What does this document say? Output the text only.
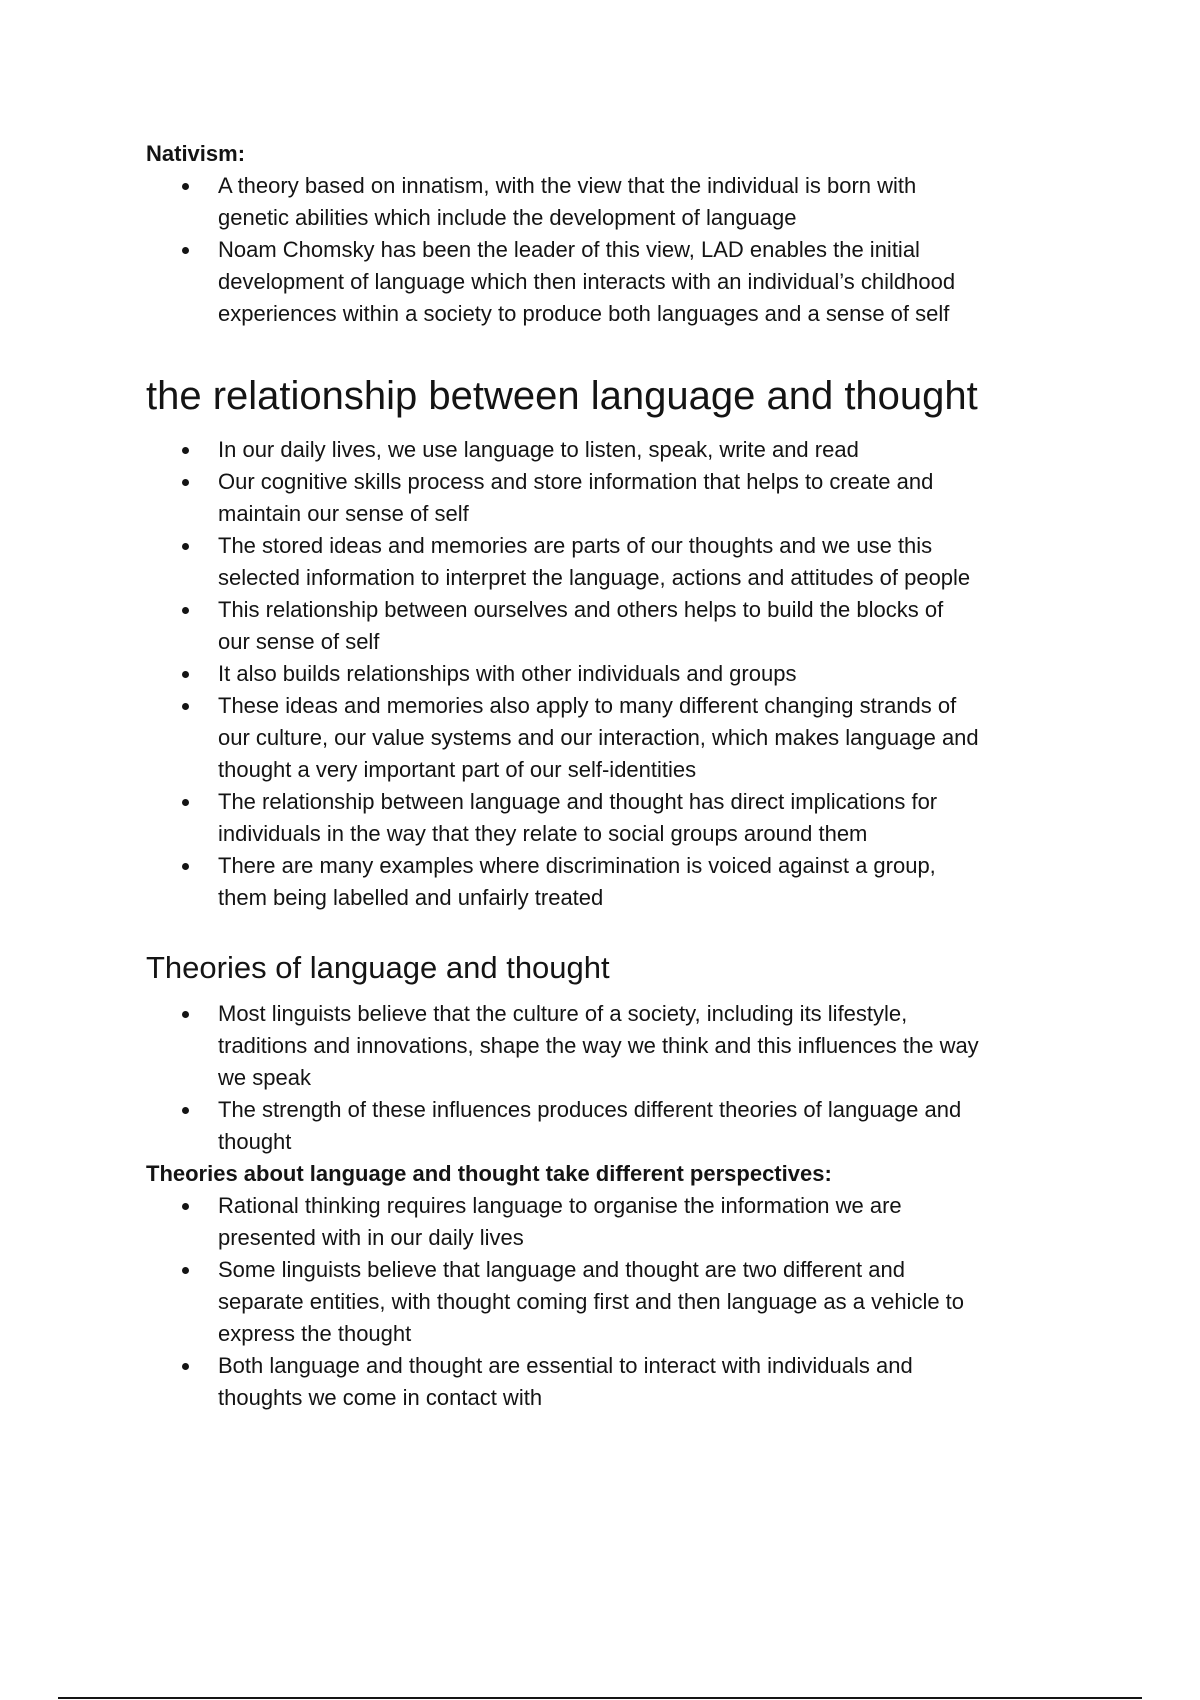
Nativism:

A theory based on innatism, with the view that the individual is born with
genetic abilities which include the development of language
Noam Chomsky has been the leader of this view, LAD enables the initial
development of language which then interacts with an individual’s childhood
experiences within a society to produce both languages and a sense of self
the relationship between language and thought
In our daily lives, we use language to listen, speak, write and read
Our cognitive skills process and store information that helps to create and
maintain our sense of self
The stored ideas and memories are parts of our thoughts and we use this
selected information to interpret the language, actions and attitudes of people
This relationship between ourselves and others helps to build the blocks of
our sense of self
It also builds relationships with other individuals and groups
These ideas and memories also apply to many different changing strands of
our culture, our value systems and our interaction, which makes language and
thought a very important part of our self-identities
The relationship between language and thought has direct implications for
individuals in the way that they relate to social groups around them
There are many examples where discrimination is voiced against a group,
them being labelled and unfairly treated
Theories of language and thought
Most linguists believe that the culture of a society, including its lifestyle,
traditions and innovations, shape the way we think and this influences the way
we speak
The strength of these influences produces different theories of language and
thought

Theories about language and thought take different perspectives:

Rational thinking requires language to organise the information we are
presented with in our daily lives
Some linguists believe that language and thought are two different and
separate entities, with thought coming first and then language as a vehicle to
express the thought
Both language and thought are essential to interact with individuals and
thoughts we come in contact with
